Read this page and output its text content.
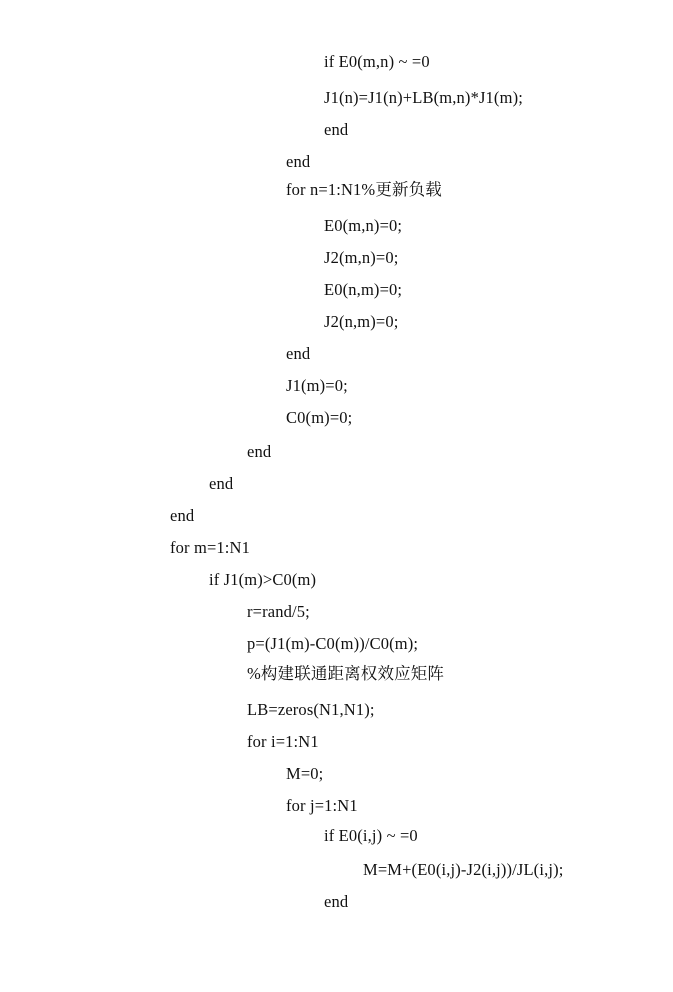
if E0(m,n) ~ =0
J1(n)=J1(n)+LB(m,n)*J1(m);
end
end
for n=1:N1%更新负载
E0(m,n)=0;
J2(m,n)=0;
E0(n,m)=0;
J2(n,m)=0;
end
J1(m)=0;
C0(m)=0;
end
end
end
for m=1:N1
if J1(m)>C0(m)
r=rand/5;
p=(J1(m)-C0(m))/C0(m);
%构建联通距离权效应矩阵
LB=zeros(N1,N1);
for i=1:N1
M=0;
for j=1:N1
if E0(i,j) ~ =0
M=M+(E0(i,j)-J2(i,j))/JL(i,j);
end
